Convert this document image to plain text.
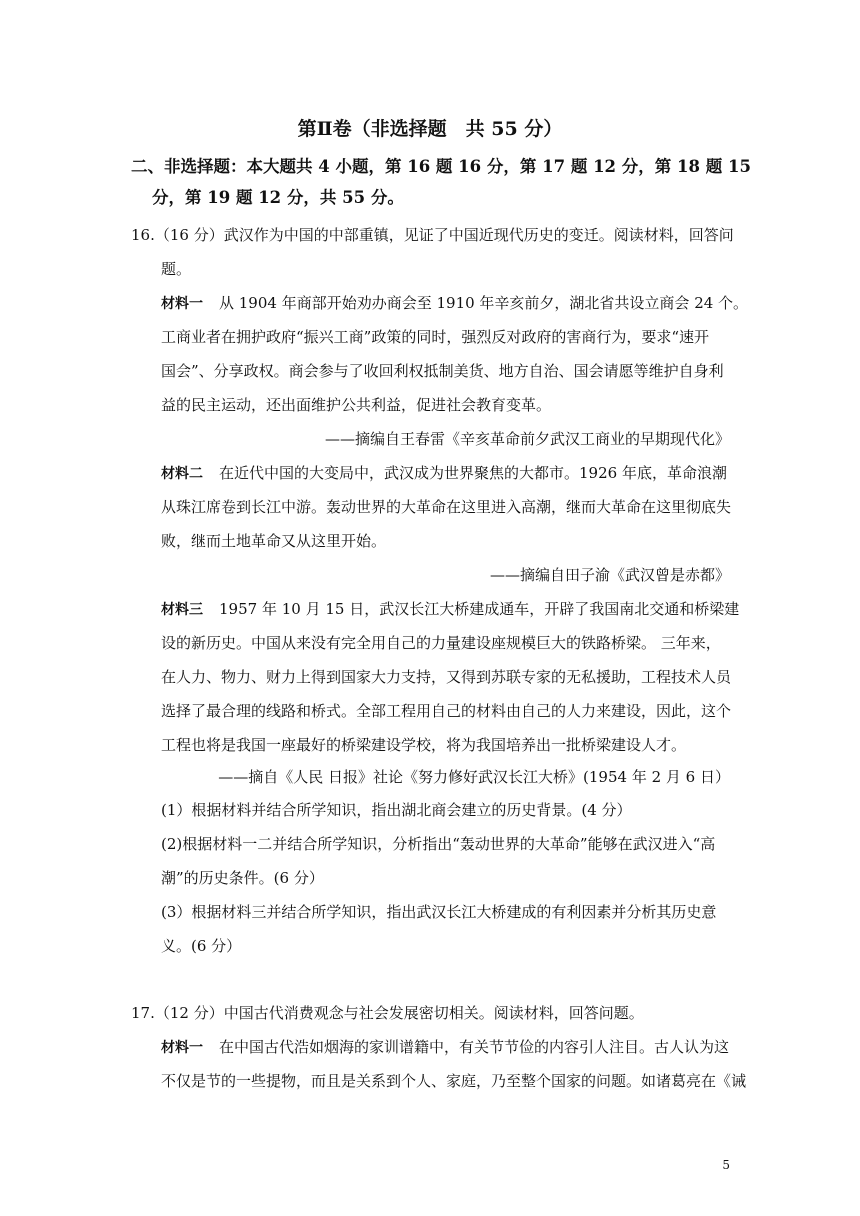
第Ⅱ卷（非选择题　共 55 分）
二、非选择题：本大题共 4 小题，第 16 题 16 分，第 17 题 12 分，第 18 题 15
分，第 19 题 12 分，共 55 分。
16.（16 分）武汉作为中国的中部重镇，见证了中国近现代历史的变迁。阅读材料，回答问
题。
材料一 从 1904 年商部开始劝办商会至 1910 年辛亥前夕，湖北省共设立商会 24 个。
工商业者在拥护政府“振兴工商”政策的同时，强烈反对政府的害商行为，要求“速开
国会”、分享政权。商会参与了收回利权抵制美货、地方自治、国会请愿等维护自身利
益的民主运动，还出面维护公共利益，促进社会教育变革。
——摘编自王春雷《辛亥革命前夕武汉工商业的早期现代化》
材料二 在近代中国的大变局中，武汉成为世界聚焦的大都市。1926 年底，革命浪潮
从珠江席卷到长江中游。轰动世界的大革命在这里进入高潮，继而大革命在这里彻底失
败，继而土地革命又从这里开始。
——摘编自田子渝《武汉曾是赤都》
材料三 1957 年 10 月 15 日，武汉长江大桥建成通车，开辟了我国南北交通和桥梁建
设的新历史。中国从来没有完全用自己的力量建设座规模巨大的铁路桥梁。 三年来，
在人力、物力、财力上得到国家大力支持，又得到苏联专家的无私援助，工程技术人员
选择了最合理的线路和桥式。全部工程用自己的材料由自己的人力来建设，因此，这个
工程也将是我国一座最好的桥梁建设学校，将为我国培养出一批桥梁建设人才。
——摘自《人民 日报》社论《努力修好武汉长江大桥》(1954 年 2 月 6 日）
(1）根据材料并结合所学知识，指出湖北商会建立的历史背景。(4 分）
(2)根据材料一二并结合所学知识，分析指出“轰动世界的大革命”能够在武汉进入“高
潮”的历史条件。(6 分）
(3）根据材料三并结合所学知识，指出武汉长江大桥建成的有利因素并分析其历史意
义。(6 分）
17.（12 分）中国古代消费观念与社会发展密切相关。阅读材料，回答问题。
材料一 在中国古代浩如烟海的家训谱籍中，有关节节俭的内容引人注目。古人认为这
不仅是节的一些提物，而且是关系到个人、家庭，乃至整个国家的问题。如诸葛亮在《诫
5
